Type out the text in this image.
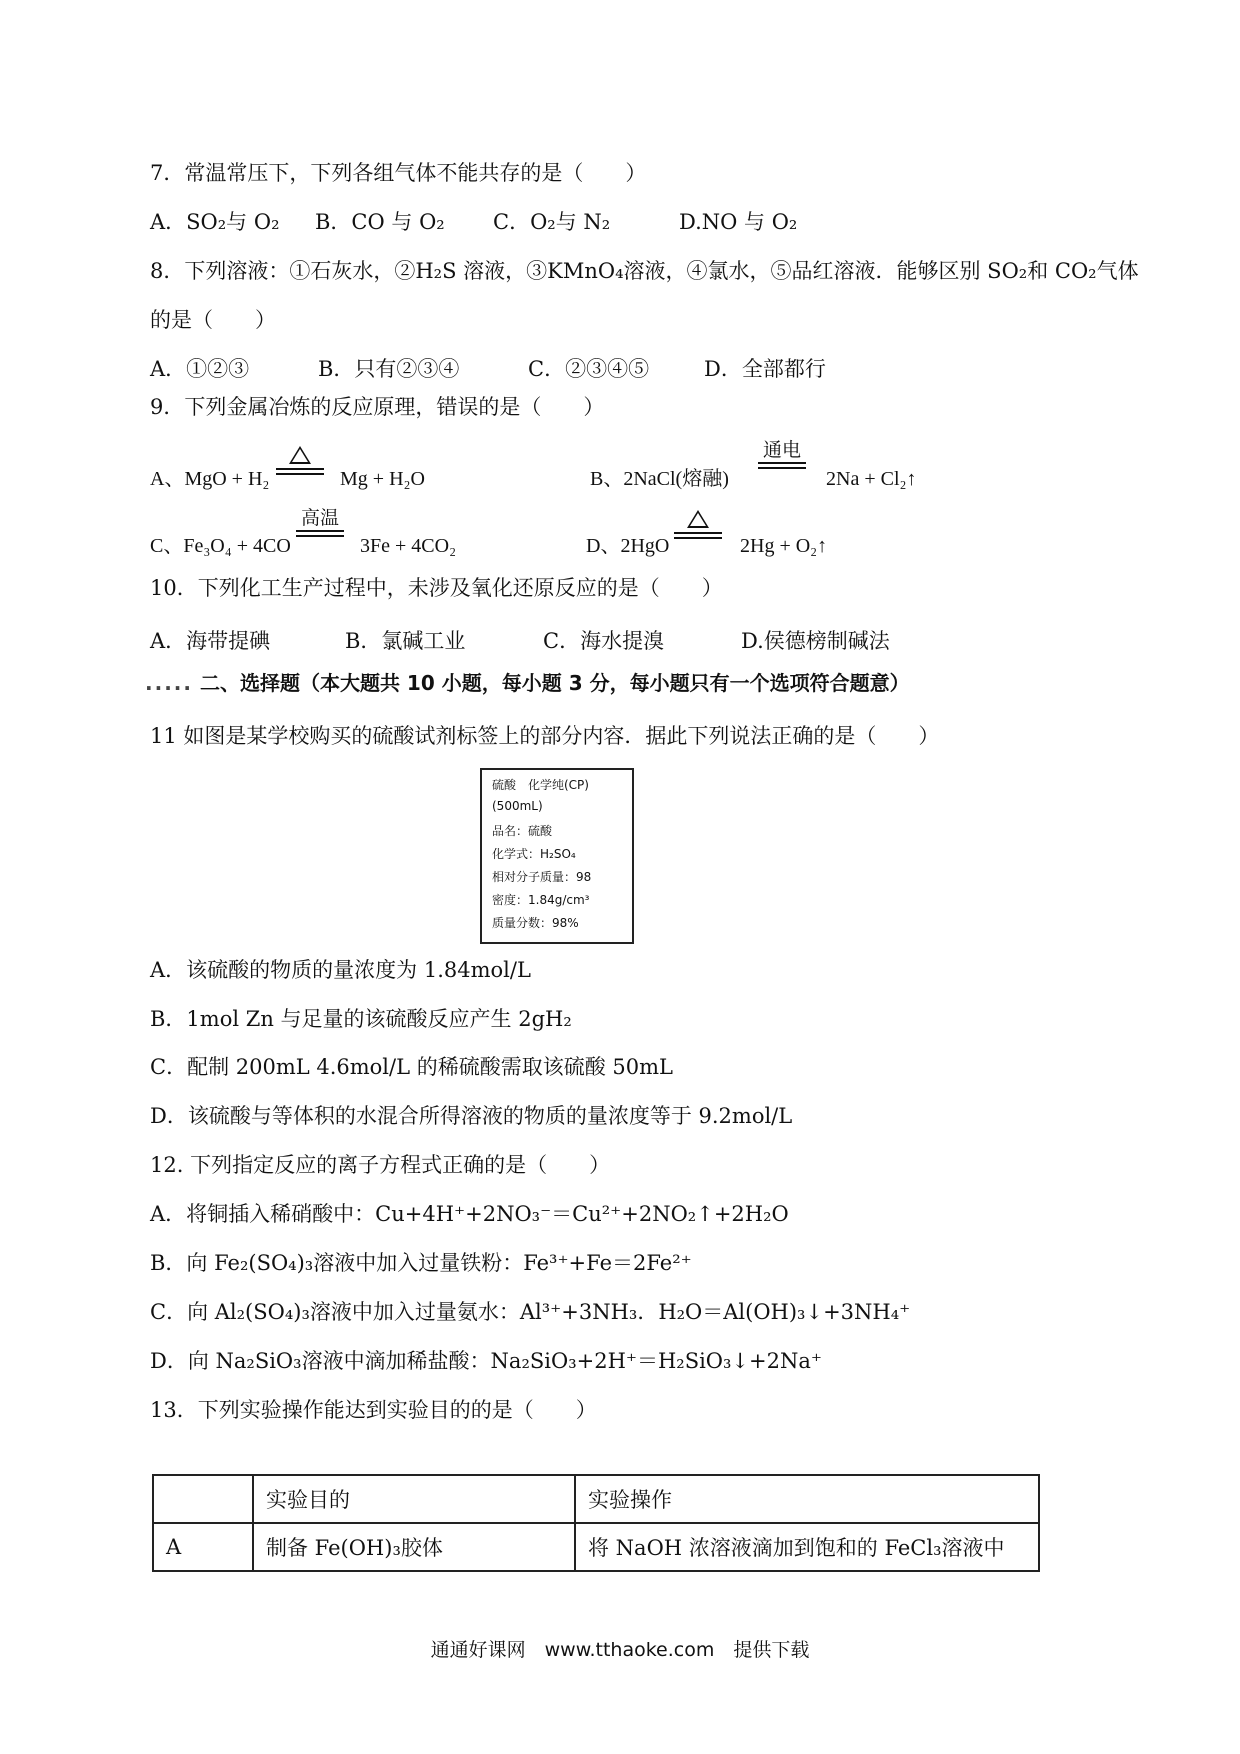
7．常温常压下，下列各组气体不能共存的是（　　）
A．SO₂与 O₂ B．CO 与 O₂ C．O₂与 N₂	D.NO 与 O₂
8．下列溶液：①石灰水，②H₂S 溶液，③KMnO₄溶液，④氯水，⑤品红溶液．能够区别 SO₂和 CO₂气体
的是（　　）
A．①②③	B．只有②③④	C．②③④⑤	D．全部都行
9．下列金属冶炼的反应原理，错误的是（　　）
A、MgO + H₂	Mg + H₂O	B、2NaCl(熔融)
通电
2Na + Cl₂↑
C、Fe₃O₄ + 4CO
高温
3Fe + 4CO₂	D、2HgO	2Hg + O₂↑
10．下列化工生产过程中，未涉及氧化还原反应的是（　　）
A．海带提碘	B．氯碱工业	C．海水提溴	D.侯德榜制碱法
..... 二、选择题（本大题共 10 小题，每小题 3 分，每小题只有一个选项符合题意）
11 如图是某学校购买的硫酸试剂标签上的部分内容．据此下列说法正确的是（　　）
硫酸　化学纯(CP)
(500mL)
品名：硫酸
化学式：H₂SO₄
相对分子质量：98
密度：1.84g/cm³
质量分数：98%
A．该硫酸的物质的量浓度为 1.84mol/L
B．1mol Zn 与足量的该硫酸反应产生 2gH₂
C．配制 200mL 4.6mol/L 的稀硫酸需取该硫酸 50mL
D．该硫酸与等体积的水混合所得溶液的物质的量浓度等于 9.2mol/L
12. 下列指定反应的离子方程式正确的是（　　）
A．将铜插入稀硝酸中：Cu+4H⁺+2NO₃⁻＝Cu²⁺+2NO₂↑+2H₂O
B．向 Fe₂(SO₄)₃溶液中加入过量铁粉：Fe³⁺+Fe＝2Fe²⁺
C．向 Al₂(SO₄)₃溶液中加入过量氨水：Al³⁺+3NH₃．H₂O＝Al(OH)₃↓+3NH₄⁺
D．向 Na₂SiO₃溶液中滴加稀盐酸：Na₂SiO₃+2H⁺＝H₂SiO₃↓+2Na⁺
13．下列实验操作能达到实验目的的是（　　）
	实验目的	实验操作
A	制备 Fe(OH)₃胶体	将 NaOH 浓溶液滴加到饱和的 FeCl₃溶液中
通通好课网　www.tthaoke.com　提供下载
